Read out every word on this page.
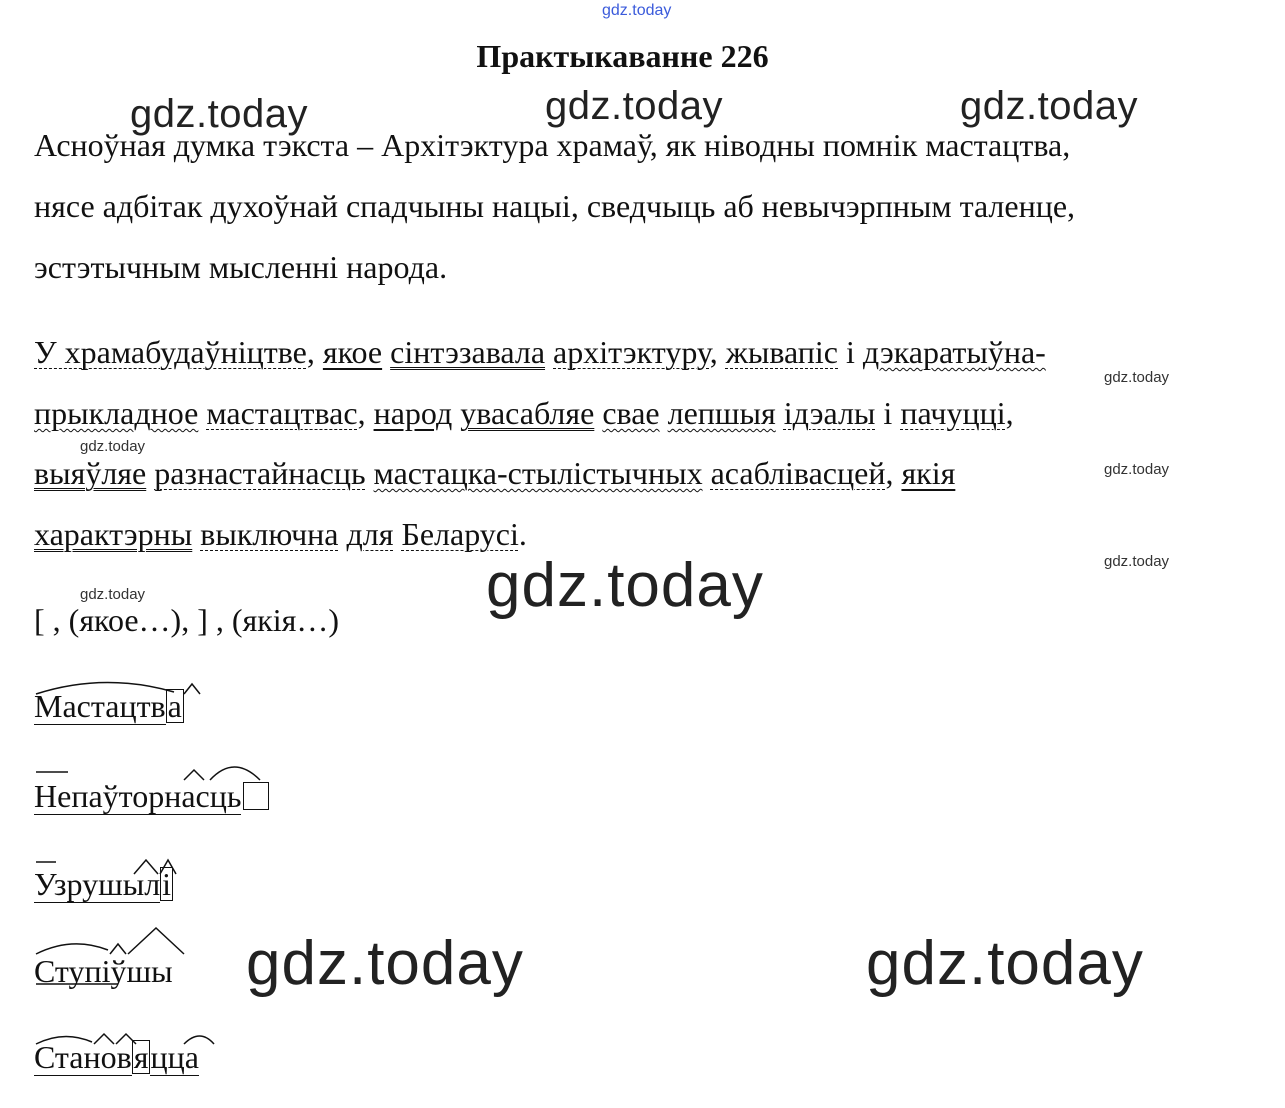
gdz.today
gdz.today	gdz.today	gdz.today
gdz.today
gdz.today	gdz.today
gdz.today
gdz.today
gdz.today
gdz.today
gdz.today
Практыкаванне 226
Асноўная думка тэкста – Архітэктура храмаў, як ніводны помнік мастацтва,
нясе адбітак духоўнай спадчыны нацыі, сведчыць аб невычэрпным таленце,
эстэтычным мысленні народа.
У храмабудаўніцтве, якое сінтэзавала архітэктуру, жывапіс і дэкаратыўна-
прыкладное мастацтвас, народ увасабляе свае лепшыя ідэалы і пачуцці,
выяўляе разнастайнасць мастацка-стылістычных асаблівасцей, якія
характэрны выключна для Беларусі.
[ , (якое…), ] , (якія…)
Мастацтва
Непаўторнасць
Узрушылі
Ступіўшы
Становяцца
